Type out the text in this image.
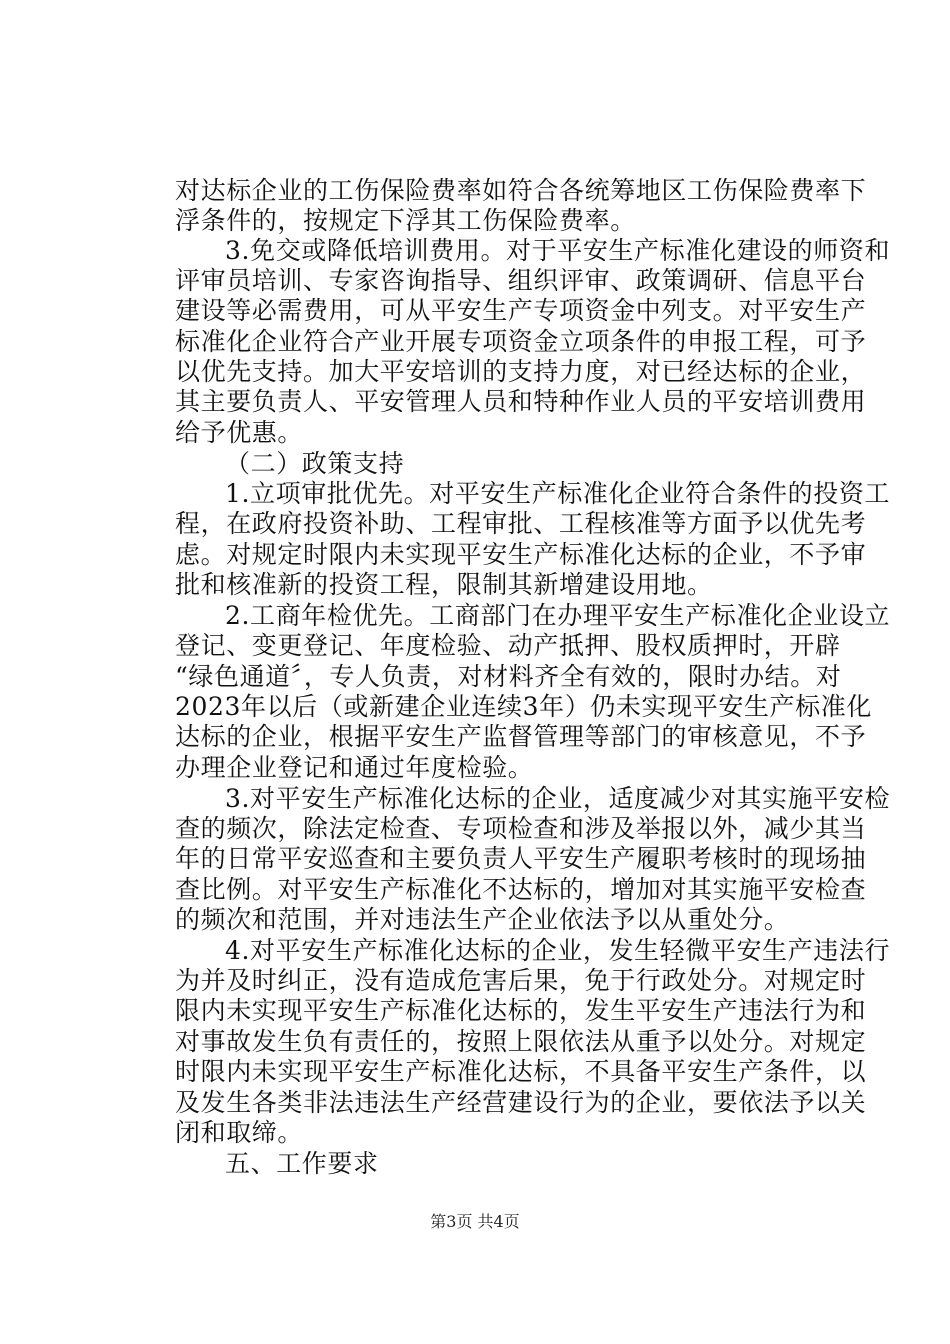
对达标企业的工伤保险费率如符合各统筹地区工伤保险费率下
浮条件的，按规定下浮其工伤保险费率。
3.免交或降低培训费用。对于平安生产标准化建设的师资和
评审员培训、专家咨询指导、组织评审、政策调研、信息平台
建设等必需费用，可从平安生产专项资金中列支。对平安生产
标准化企业符合产业开展专项资金立项条件的申报工程，可予
以优先支持。加大平安培训的支持力度，对已经达标的企业，
其主要负责人、平安管理人员和特种作业人员的平安培训费用
给予优惠。
（二）政策支持
1.立项审批优先。对平安生产标准化企业符合条件的投资工
程，在政府投资补助、工程审批、工程核准等方面予以优先考
虑。对规定时限内未实现平安生产标准化达标的企业，不予审
批和核准新的投资工程，限制其新增建设用地。
2.工商年检优先。工商部门在办理平安生产标准化企业设立
登记、变更登记、年度检验、动产抵押、股权质押时，开辟
“绿色通道〞，专人负责，对材料齐全有效的，限时办结。对
2023年以后（或新建企业连续3年）仍未实现平安生产标准化
达标的企业，根据平安生产监督管理等部门的审核意见，不予
办理企业登记和通过年度检验。
3.对平安生产标准化达标的企业，适度减少对其实施平安检
查的频次，除法定检查、专项检查和涉及举报以外，减少其当
年的日常平安巡查和主要负责人平安生产履职考核时的现场抽
查比例。对平安生产标准化不达标的，增加对其实施平安检查
的频次和范围，并对违法生产企业依法予以从重处分。
4.对平安生产标准化达标的企业，发生轻微平安生产违法行
为并及时纠正，没有造成危害后果，免于行政处分。对规定时
限内未实现平安生产标准化达标的，发生平安生产违法行为和
对事故发生负有责任的，按照上限依法从重予以处分。对规定
时限内未实现平安生产标准化达标，不具备平安生产条件，以
及发生各类非法违法生产经营建设行为的企业，要依法予以关
闭和取缔。
五、工作要求
第3页 共4页
